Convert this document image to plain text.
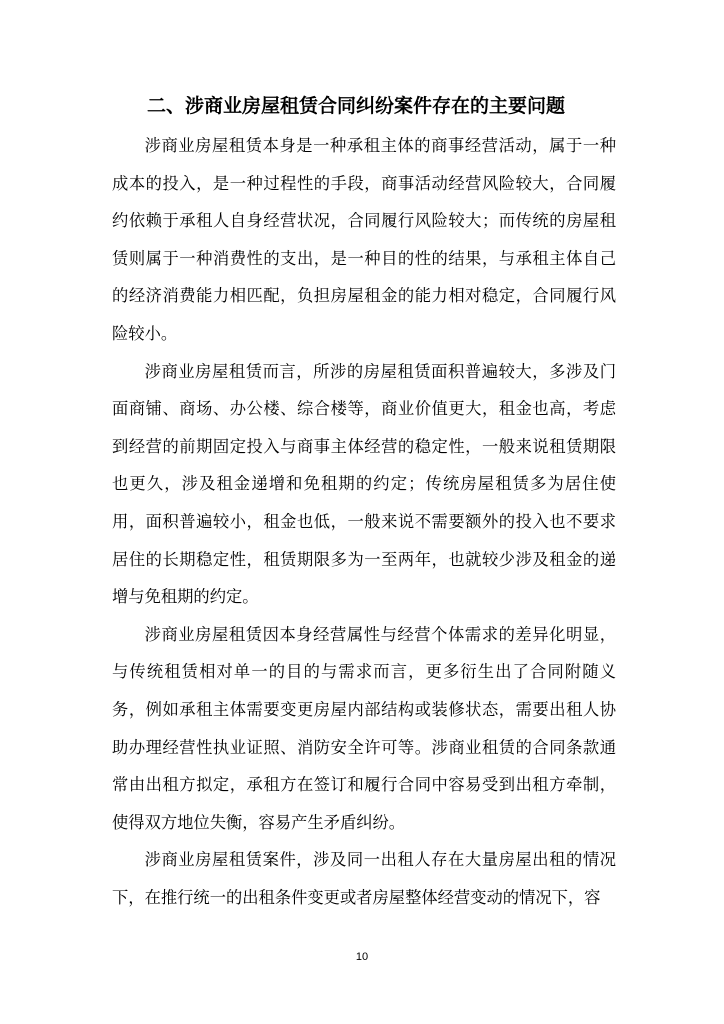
二、涉商业房屋租赁合同纠纷案件存在的主要问题

涉商业房屋租赁本身是一种承租主体的商事经营活动，属于一种成本的投入，是一种过程性的手段，商事活动经营风险较大，合同履约依赖于承租人自身经营状况，合同履行风险较大；而传统的房屋租赁则属于一种消费性的支出，是一种目的性的结果，与承租主体自己的经济消费能力相匹配，负担房屋租金的能力相对稳定，合同履行风险较小。

涉商业房屋租赁而言，所涉的房屋租赁面积普遍较大，多涉及门面商铺、商场、办公楼、综合楼等，商业价值更大，租金也高，考虑到经营的前期固定投入与商事主体经营的稳定性，一般来说租赁期限也更久，涉及租金递增和免租期的约定；传统房屋租赁多为居住使用，面积普遍较小，租金也低，一般来说不需要额外的投入也不要求居住的长期稳定性，租赁期限多为一至两年，也就较少涉及租金的递增与免租期的约定。

涉商业房屋租赁因本身经营属性与经营个体需求的差异化明显，与传统租赁相对单一的目的与需求而言，更多衍生出了合同附随义务，例如承租主体需要变更房屋内部结构或装修状态，需要出租人协助办理经营性执业证照、消防安全许可等。涉商业租赁的合同条款通常由出租方拟定，承租方在签订和履行合同中容易受到出租方牵制，使得双方地位失衡，容易产生矛盾纠纷。

涉商业房屋租赁案件，涉及同一出租人存在大量房屋出租的情况下，在推行统一的出租条件变更或者房屋整体经营变动的情况下，容

10
